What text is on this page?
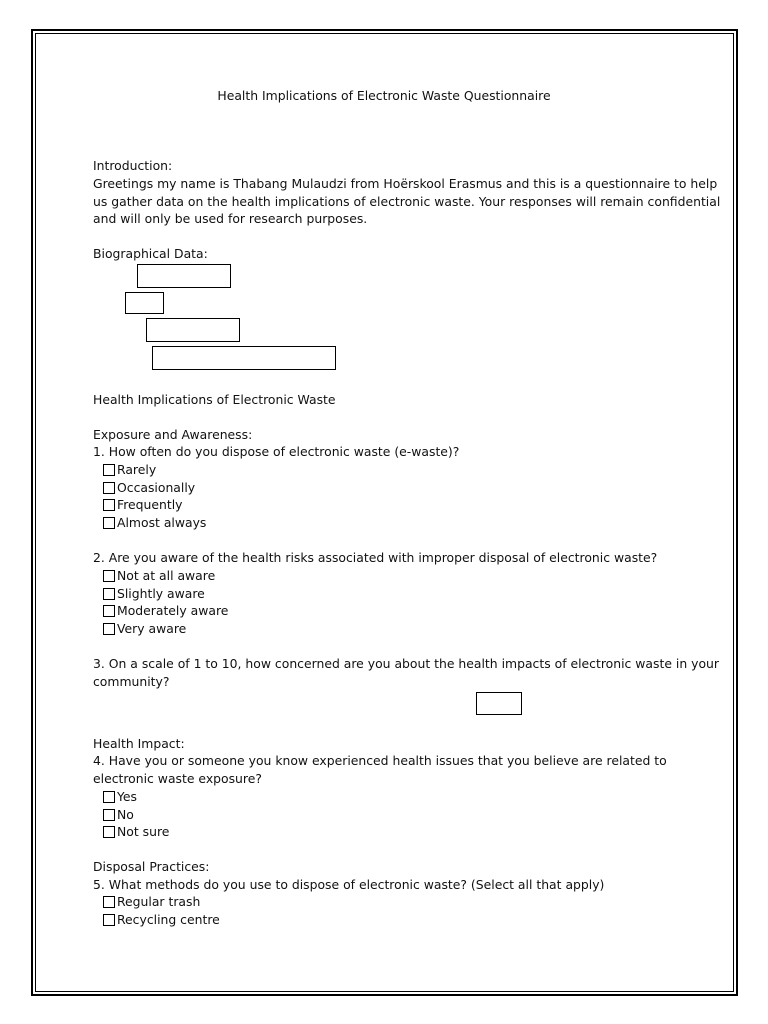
Health Implications of Electronic Waste Questionnaire
Introduction:
Greetings my name is Thabang Mulaudzi from Hoërskool Erasmus and this is a questionnaire to help
us gather data on the health implications of electronic waste. Your responses will remain confidential
and will only be used for research purposes.
Biographical Data:
Health Implications of Electronic Waste
Exposure and Awareness:
1. How often do you dispose of electronic waste (e-waste)?
Rarely
Occasionally
Frequently
Almost always
2. Are you aware of the health risks associated with improper disposal of electronic waste?
Not at all aware
Slightly aware
Moderately aware
Very aware
3. On a scale of 1 to 10, how concerned are you about the health impacts of electronic waste in your
community?
Health Impact:
4. Have you or someone you know experienced health issues that you believe are related to
electronic waste exposure?
Yes
No
Not sure
Disposal Practices:
5. What methods do you use to dispose of electronic waste? (Select all that apply)
Regular trash
Recycling centre
